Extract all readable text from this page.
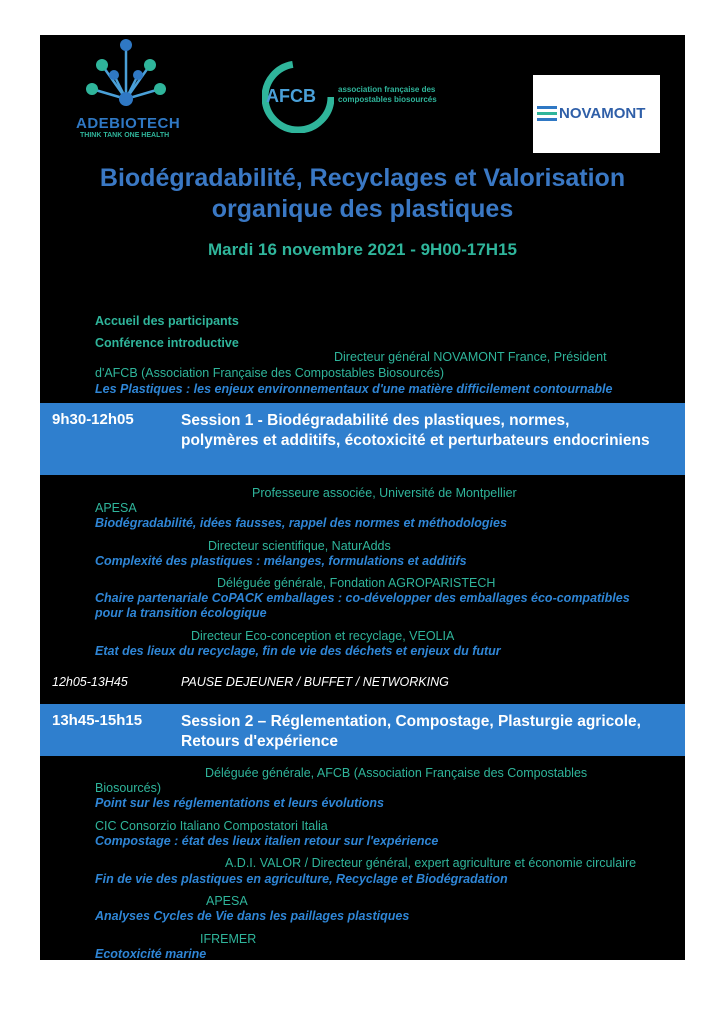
ADEBIOTECH
THINK TANK ONE HEALTH
AFCB	association française des
compostables biosourcés
NOVAMONT
Biodégradabilité, Recyclages et Valorisation
organique des plastiques
Mardi 16 novembre 2021 - 9H00-17H15
Accueil des participants
Conférence introductive
Directeur général NOVAMONT France, Président
d'AFCB (Association Française des Compostables Biosourcés)
Les Plastiques : les enjeux environnementaux d'une matière difficilement contournable
9h30-12h05	Session 1 - Biodégradabilité des plastiques, normes, polymères et additifs, écotoxicité et perturbateurs endocriniens
Professeure associée, Université de Montpellier
APESA
Biodégradabilité, idées fausses, rappel des normes et méthodologies
Directeur scientifique, NaturAdds
Complexité des plastiques : mélanges, formulations et additifs
Déléguée générale, Fondation AGROPARISTECH
Chaire partenariale CoPACK emballages : co-développer des emballages éco-compatibles
pour la transition écologique
Directeur Eco-conception et recyclage, VEOLIA
Etat des lieux du recyclage, fin de vie des déchets et enjeux du futur
12h05-13H45	PAUSE DEJEUNER / BUFFET / NETWORKING
13h45-15h15	Session 2 – Réglementation, Compostage, Plasturgie agricole, Retours d'expérience
Déléguée générale, AFCB (Association Française des Compostables
Biosourcés)
Point sur les réglementations et leurs évolutions
CIC Consorzio Italiano Compostatori Italia
Compostage : état des lieux italien retour sur l'expérience
A.D.I. VALOR / Directeur général, expert agriculture et économie circulaire
Fin de vie des plastiques en agriculture, Recyclage et Biodégradation
APESA
Analyses Cycles de Vie dans les paillages plastiques
IFREMER
Ecotoxicité marine
